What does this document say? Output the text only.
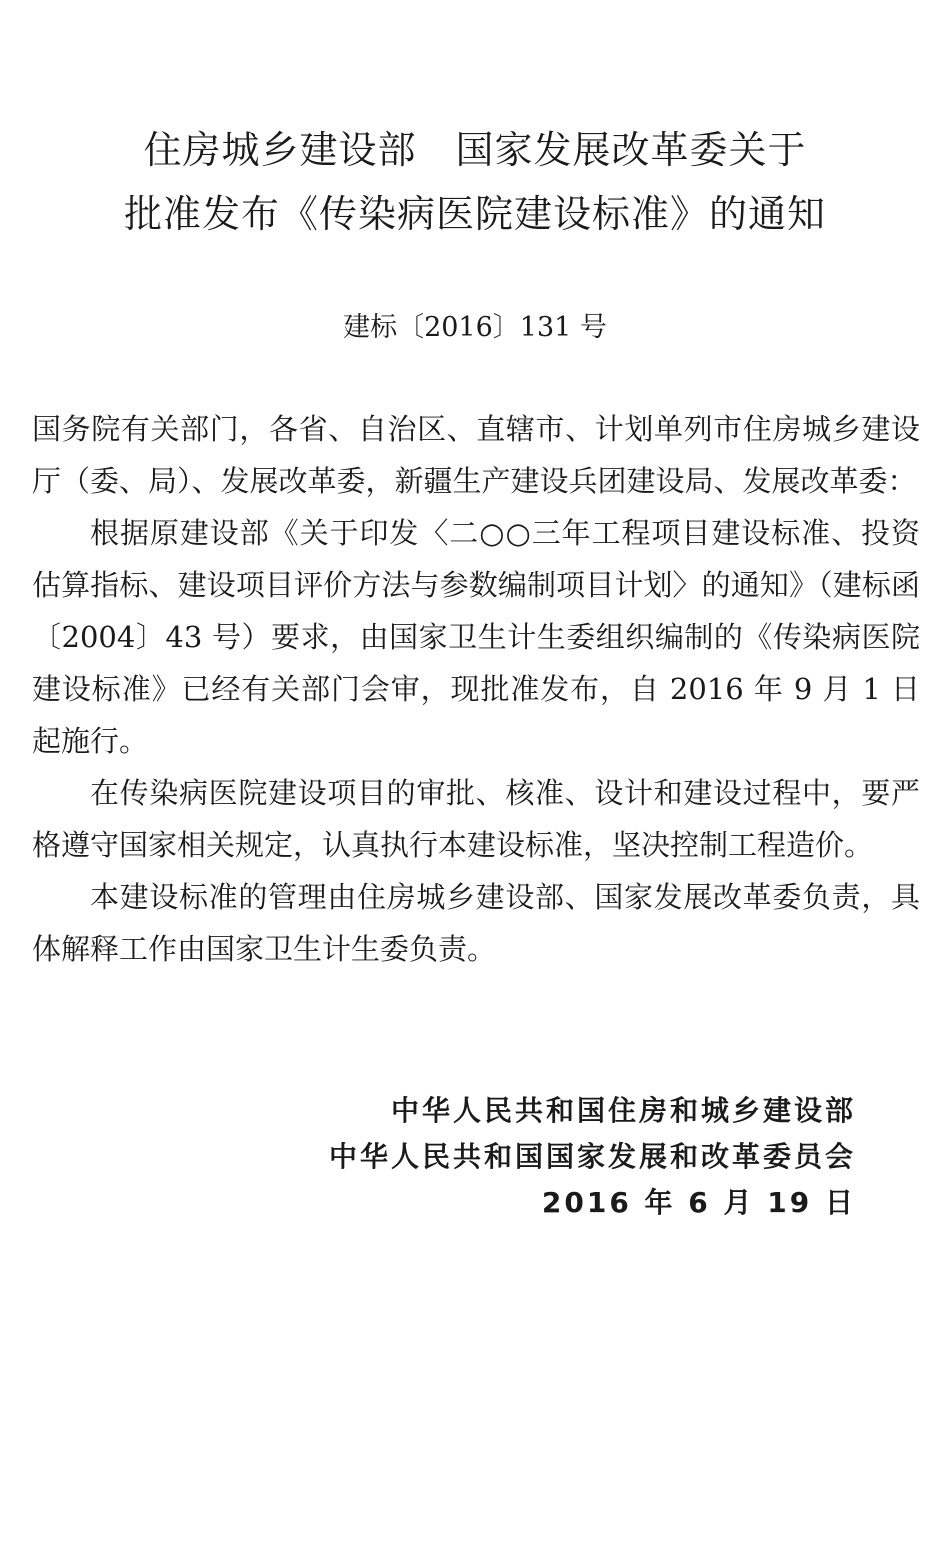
住房城乡建设部　国家发展改革委关于
批准发布《传染病医院建设标准》的通知
建标〔2016〕131 号

国务院有关部门，各省、自治区、直辖市、计划单列市住房城乡建设厅（委、局）、发展改革委，新疆生产建设兵团建设局、发展改革委：

根据原建设部《关于印发〈二○○三年工程项目建设标准、投资估算指标、建设项目评价方法与参数编制项目计划〉的通知》（建标函〔2004〕43 号）要求，由国家卫生计生委组织编制的《传染病医院建设标准》已经有关部门会审，现批准发布，自 2016 年 9 月 1 日起施行。

在传染病医院建设项目的审批、核准、设计和建设过程中，要严格遵守国家相关规定，认真执行本建设标准，坚决控制工程造价。

本建设标准的管理由住房城乡建设部、国家发展改革委负责，具体解释工作由国家卫生计生委负责。

中华人民共和国住房和城乡建设部
中华人民共和国国家发展和改革委员会
2016 年 6 月 19 日
